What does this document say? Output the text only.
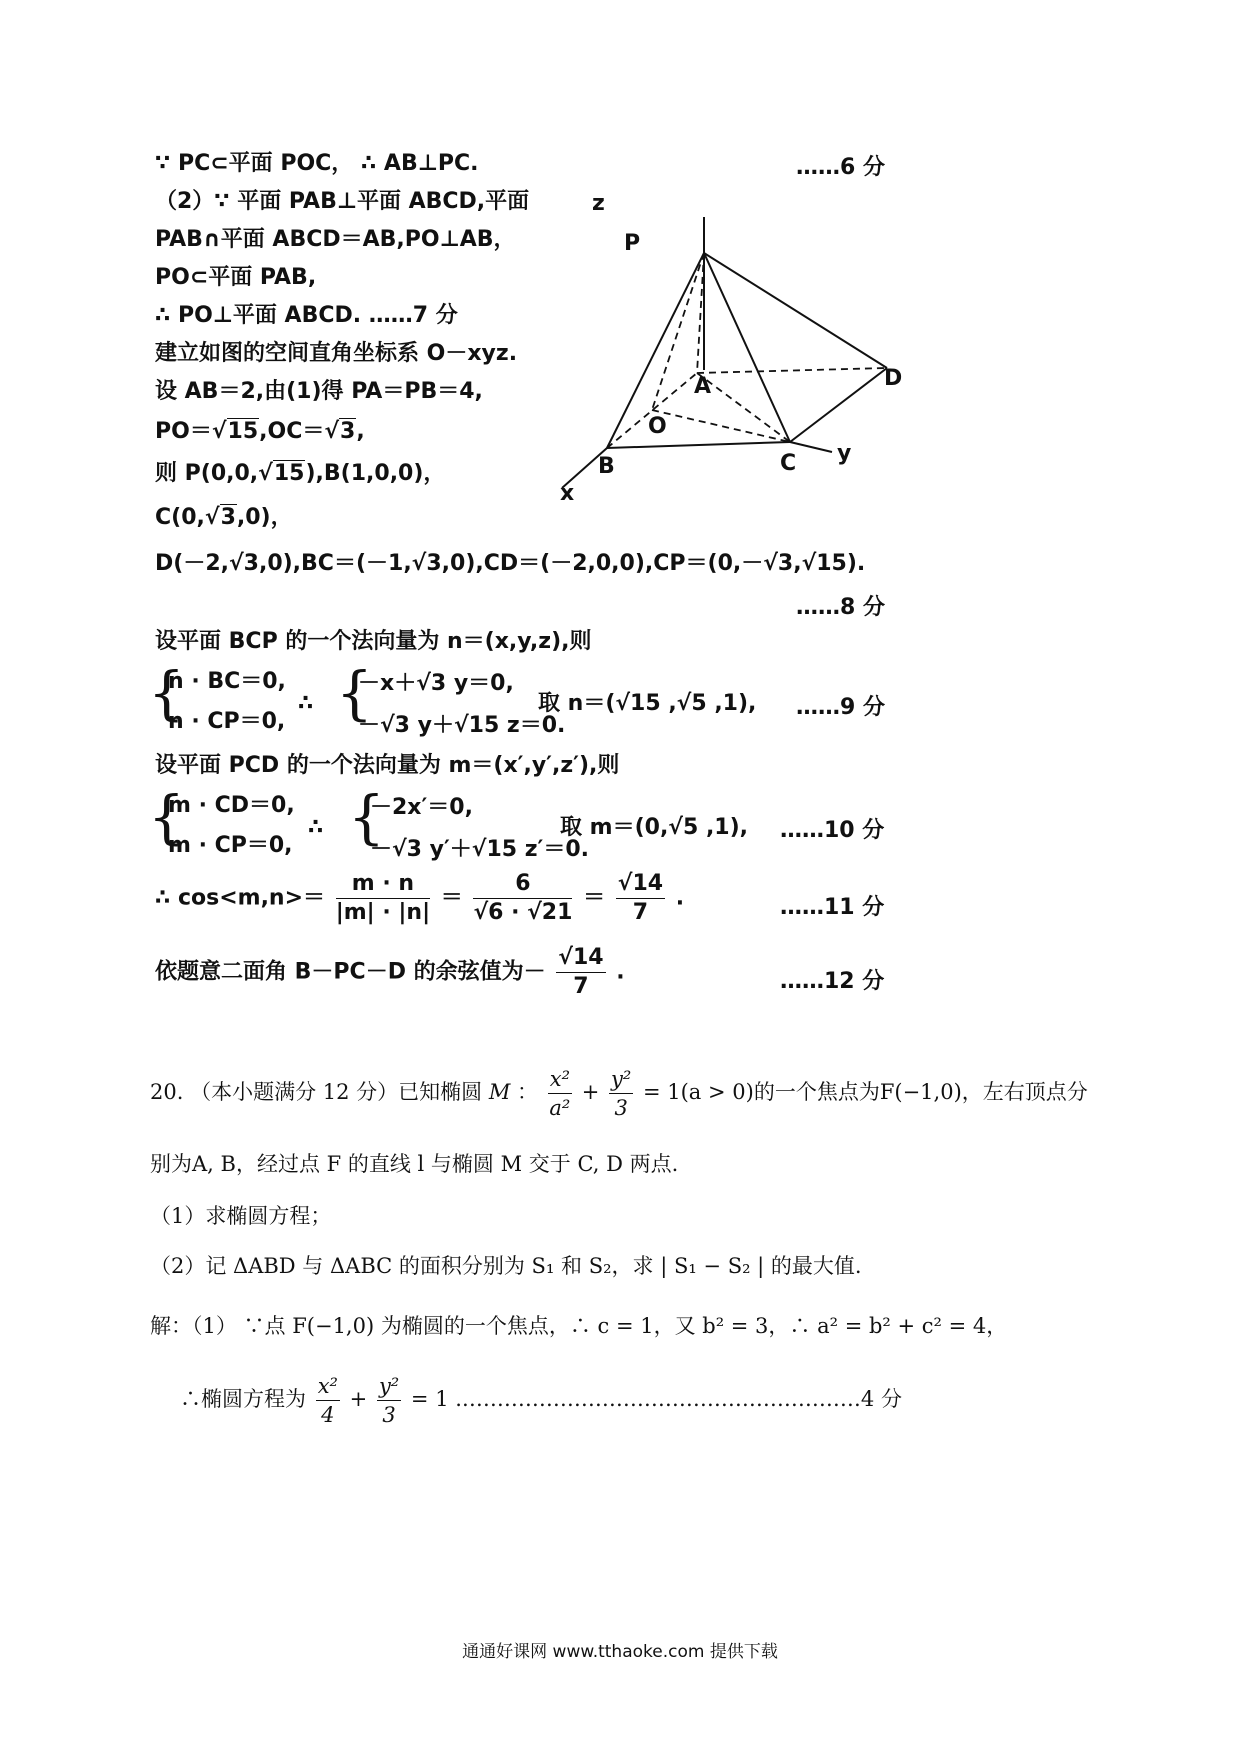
∵ PC⊂平面 POC， ∴ AB⊥PC.	……6 分
（2）∵ 平面 PAB⊥平面 ABCD,平面
PAB∩平面 ABCD＝AB,PO⊥AB，
PO⊂平面 PAB,
∴ PO⊥平面 ABCD. ……7 分
建立如图的空间直角坐标系 O－xyz.
设 AB＝2,由(1)得 PA＝PB＝4,
PO＝√15,OC＝√3,
则 P(0,0,√15),B(1,0,0)，
C(0,√3,0)，
D(－2,√3,0),BC＝(－1,√3,0),CD＝(－2,0,0),CP＝(0,－√3,√15).
……8 分
设平面 BCP 的一个法向量为 n＝(x,y,z),则
{
n · BC＝0,
n · CP＝0,
∴ {
－x＋√3 y＝0,
－√3 y＋√15 z＝0.
取 n＝(√15 ,√5 ,1), ……9 分
设平面 PCD 的一个法向量为 m＝(x′,y′,z′),则
{
m · CD＝0,
m · CP＝0,
∴ {
－2x′＝0,
－√3 y′＋√15 z′＝0.
取 m＝(0,√5 ,1), ……10 分
∴ $\cos<m,n>= \frac{m \cdot n}{|m| \cdot |n|} = \frac{6}{√6 \cdot √21} = \frac{√14}{7}$ .	……11 分
依题意二面角 B－PC－D 的余弦值为－ $\frac{√14}{7}$ .	……12 分
z
P
A	D
O
B	C y
x
20. （本小题满分 12 分）已知椭圆 M ： $\frac{\text{x²}}{\text{a²}} + \frac{\text{y²}}{3} = 1(a > 0)$的一个焦点为F(−1,0)，左右顶点分
别为A, B，经过点 F 的直线 l 与椭圆 M 交于 C, D 两点.
（1）求椭圆方程；
（2）记 ΔABD 与 ΔABC 的面积分别为 S₁ 和 S₂，求 | S₁ − S₂ | 的最大值.
解：（1） ∵点 F(−1,0) 为椭圆的一个焦点，∴ c = 1，又 b² = 3，∴ a² = b² + c² = 4，
∴椭圆方程为 $\frac{\text{x²}}{4} + \frac{\text{y²}}{3} = 1$ .…………………………………………………4 分
通通好课网 www.tthaoke.com 提供下载
